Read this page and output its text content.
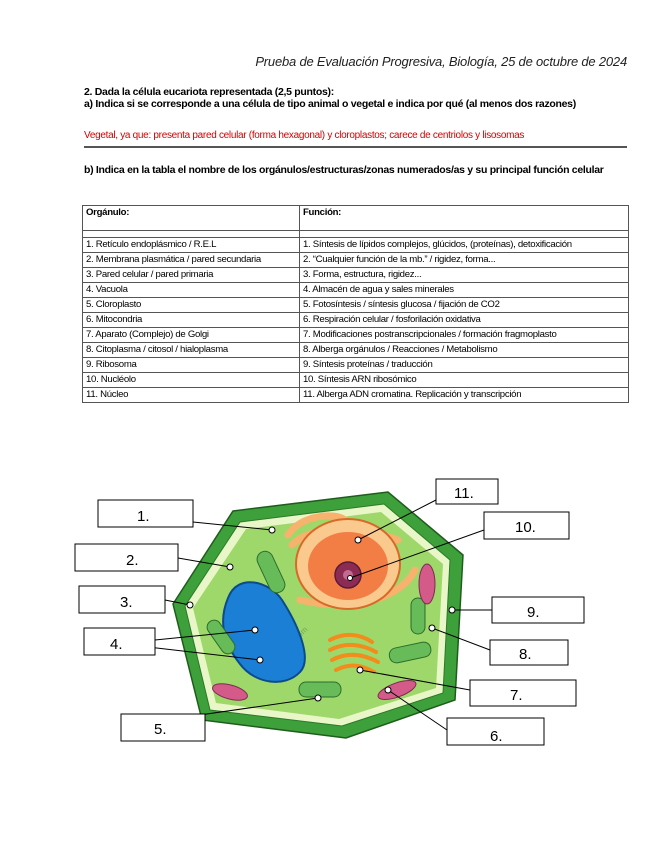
Prueba de Evaluación Progresiva, Biología, 25 de octubre de 2024
2. Dada la célula eucariota representada (2,5 puntos):
a) Indica si se corresponde a una célula de tipo animal o vegetal e indica por qué (al menos dos razones)
Vegetal, ya que: presenta pared celular (forma hexagonal) y cloroplastos; carece de centriolos y lisosomas
b) Indica en la tabla el nombre de los orgánulos/estructuras/zonas numerados/as y su principal función celular
Orgánulo:	Función:

1. Retículo endoplásmico / R.E.L	1. Síntesis de lípidos complejos, glúcidos, (proteínas), detoxificación
2. Membrana plasmática / pared secundaria	2. “Cualquier función de la mb.” / rigidez, forma...
3. Pared celular / pared primaria	3. Forma, estructura, rigidez...
4. Vacuola	4. Almacén de agua y sales minerales
5. Cloroplasto	5. Fotosíntesis / síntesis glucosa / fijación de CO2
6. Mitocondria	6. Respiración celular / fosforilación oxidativa
7. Aparato (Complejo) de Golgi	7. Modificaciones postranscripcionales / formación fragmoplasto
8. Citoplasma / citosol / hialoplasma	8. Alberga orgánulos / Reacciones / Metabolismo
9. Ribosoma	9. Síntesis proteínas / traducción
10. Nucléolo	10. Síntesis ARN ribosómico
11. Núcleo	11. Alberga ADN cromatina. Replicación y transcripción
1.
2.
3.
4.
5.	6.
7.
8.
9.
10.
11.
